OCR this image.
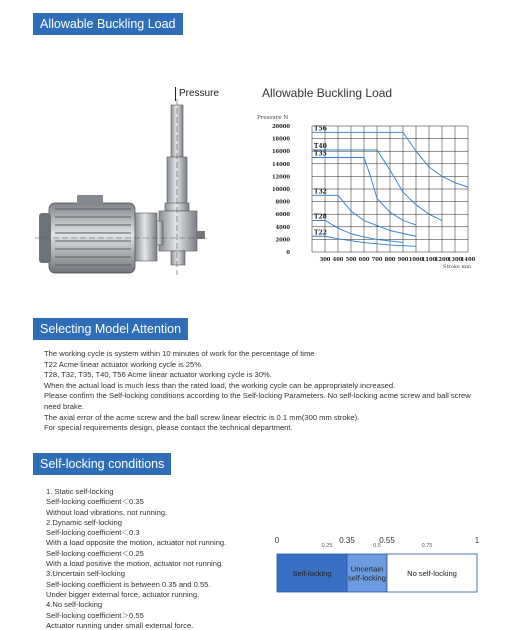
Allowable Buckling Load
Pressure	Allowable Buckling Load
Pressure N
20000
18000
16000
14000
12000
10000
8000
6000
4000
2000
0
300 400 500 600 700 800 900 1000
1100
1200
1300
1400
Stroke mm
T56
T40
T35
T32
T28
T22
Selecting Model Attention

The working cycle is system within 10 minutes of work for the percentage of time

T22 Acme linear actuator working cycle is 25%.

T28, T32, T35, T40, T56 Acme linear actuator working cycle is 30%.

When the actual load is much less than the rated load, the working cycle can be appropriately increased.

Please confirm the Self-locking conditions according to the Self-locking Parameters. No self-locking acme screw and ball screw

need brake.

The axial error of the acme screw and the ball screw linear electric is 0.1 mm(300 mm stroke).

For special requirements design, please contact the technical department.

Self-locking conditions

1. Static self-locking

Self-locking coefficient＜0.35

Without load vibrations, not running.

2.Dynamic self-locking

Self-locking coefficient＜0.3

With a load opposite the motion, actuator not running.

Self-locking coefficient＜0.25

With a load positive the motion, actuator not running.

3.Uncertain self-locking

Self-locking coefficient is between 0.35 and 0.55.

Under bigger external force, actuator running.

4.No self-locking

Self-locking coefficient＞0.55

Actuator running under small external force.

0	0.35	0.55	1
0.25	0.5	0.75
Self-locking	Uncertain
self-locking	No self-locking
